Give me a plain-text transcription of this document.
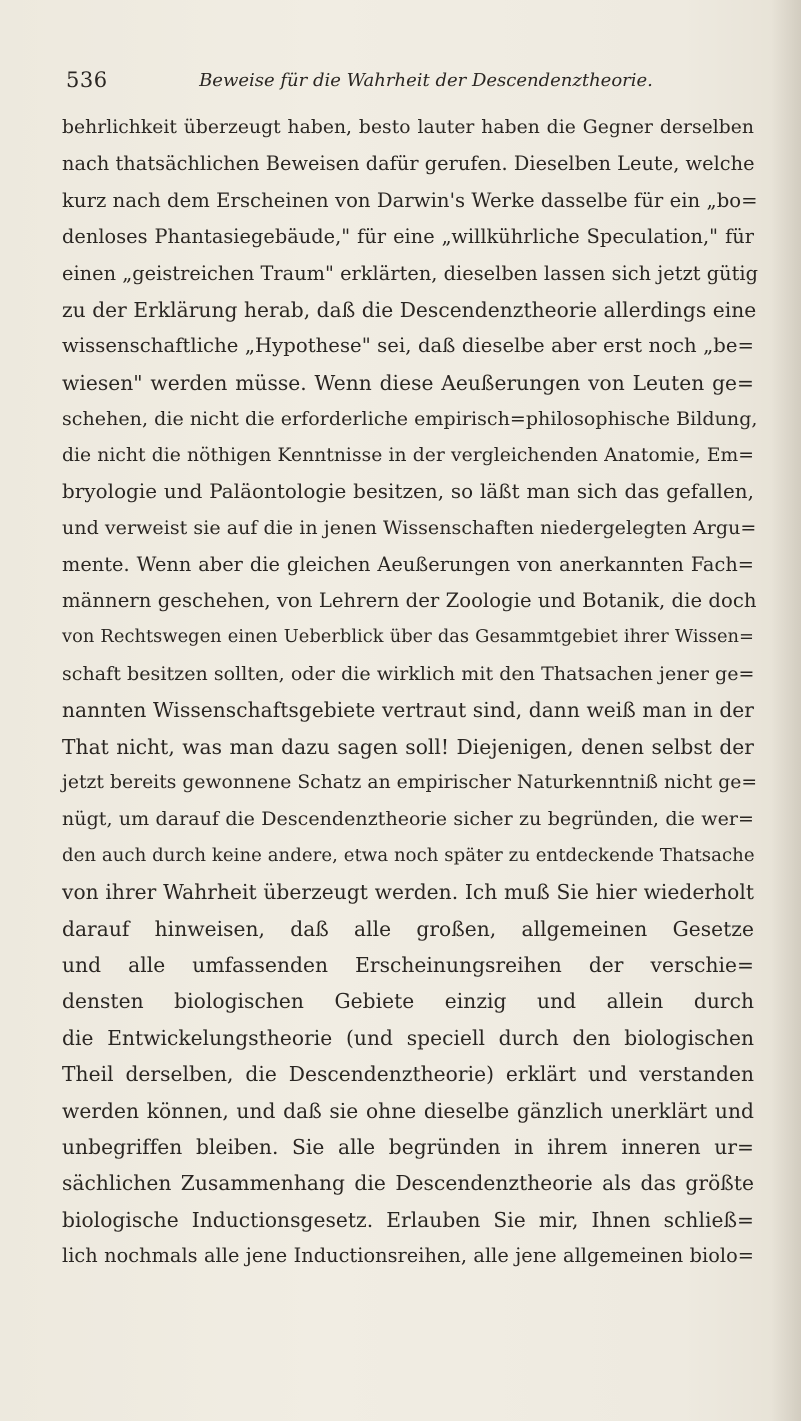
536	Beweise für die Wahrheit der Descendenztheorie.
behrlichkeit überzeugt haben, besto lauter haben die Gegner derselben
nach thatsächlichen Beweisen dafür gerufen. Dieselben Leute, welche
kurz nach dem Erscheinen von Darwin's Werke dasselbe für ein „bo=
denloses Phantasiegebäude," für eine „willkührliche Speculation," für
einen „geistreichen Traum" erklärten, dieselben lassen sich jetzt gütig
zu der Erklärung herab, daß die Descendenztheorie allerdings eine
wissenschaftliche „Hypothese" sei, daß dieselbe aber erst noch „be=
wiesen" werden müsse. Wenn diese Aeußerungen von Leuten ge=
schehen, die nicht die erforderliche empirisch=philosophische Bildung,
die nicht die nöthigen Kenntnisse in der vergleichenden Anatomie, Em=
bryologie und Paläontologie besitzen, so läßt man sich das gefallen,
und verweist sie auf die in jenen Wissenschaften niedergelegten Argu=
mente. Wenn aber die gleichen Aeußerungen von anerkannten Fach=
männern geschehen, von Lehrern der Zoologie und Botanik, die doch
von Rechtswegen einen Ueberblick über das Gesammtgebiet ihrer Wissen=
schaft besitzen sollten, oder die wirklich mit den Thatsachen jener ge=
nannten Wissenschaftsgebiete vertraut sind, dann weiß man in der
That nicht, was man dazu sagen soll! Diejenigen, denen selbst der
jetzt bereits gewonnene Schatz an empirischer Naturkenntniß nicht ge=
nügt, um darauf die Descendenztheorie sicher zu begründen, die wer=
den auch durch keine andere, etwa noch später zu entdeckende Thatsache
von ihrer Wahrheit überzeugt werden. Ich muß Sie hier wiederholt
darauf hinweisen, daß alle großen, allgemeinen Gesetze
und alle umfassenden Erscheinungsreihen der verschie=
densten biologischen Gebiete einzig und allein durch
die Entwickelungstheorie (und speciell durch den biologischen
Theil derselben, die Descendenztheorie) erklärt und verstanden
werden können, und daß sie ohne dieselbe gänzlich unerklärt und
unbegriffen bleiben. Sie alle begründen in ihrem inneren ur=
sächlichen Zusammenhang die Descendenztheorie als das größte
biologische Inductionsgesetz. Erlauben Sie mir, Ihnen schließ=
lich nochmals alle jene Inductionsreihen, alle jene allgemeinen biolo=
